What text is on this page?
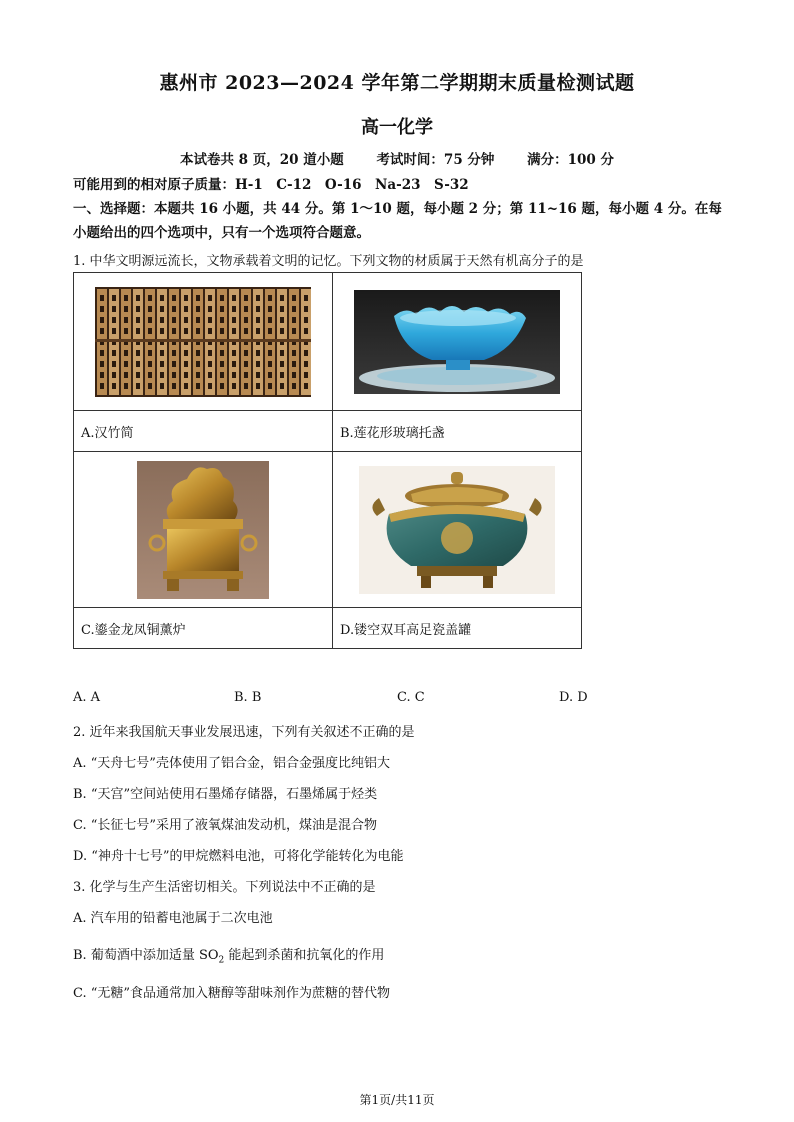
惠州市 2023—2024 学年第二学期期末质量检测试题
高一化学
本试卷共 8 页，20 道小题 考试时间：75 分钟 满分：100 分
可能用到的相对原子质量：H-1　C-12　O-16　Na-23　S-32
一、选择题：本题共 16 小题，共 44 分。第 1～10 题，每小题 2 分；第 11~16 题，每小题 4 分。在每小题给出的四个选项中，只有一个选项符合题意。
1. 中华文明源远流长，文物承载着文明的记忆。下列文物的材质属于天然有机高分子的是

A.汉竹简	B.莲花形玻璃托盏

C.鎏金龙凤铜薰炉	D.镂空双耳高足瓷盖罐
A. A	B. B	C. C	D. D
2. 近年来我国航天事业发展迅速，下列有关叙述不正确的是
A. “天舟七号”壳体使用了铝合金，铝合金强度比纯铝大
B. “天宫”空间站使用石墨烯存储器，石墨烯属于烃类
C. “长征七号”采用了液氧煤油发动机，煤油是混合物
D. “神舟十七号”的甲烷燃料电池，可将化学能转化为电能
3. 化学与生产生活密切相关。下列说法中不正确的是
A. 汽车用的铅蓄电池属于二次电池
B. 葡萄酒中添加适量 $SO_2$ 能起到杀菌和抗氧化的作用
C. “无糖”食品通常加入糖醇等甜味剂作为蔗糖的替代物
第1页/共11页
